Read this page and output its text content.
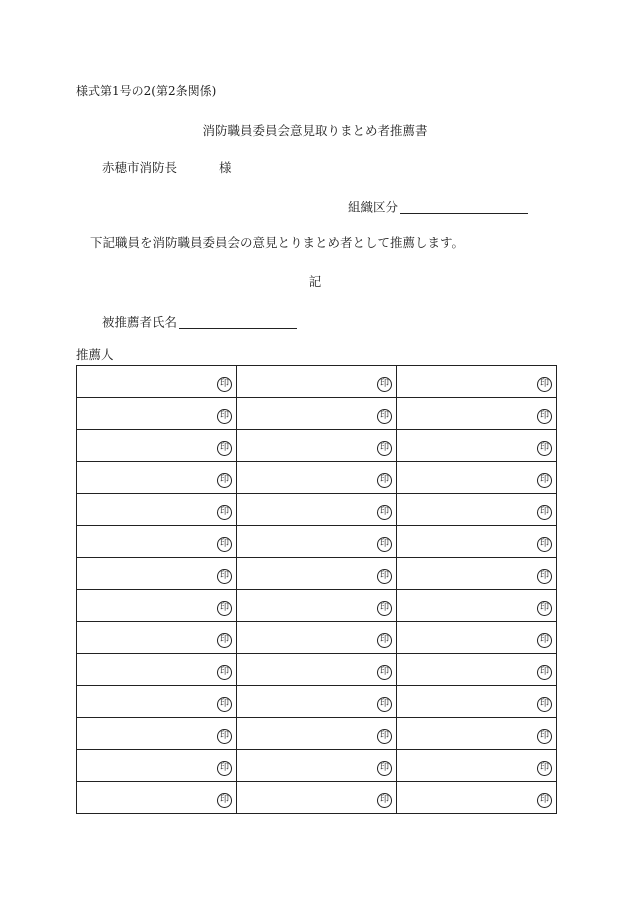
様式第1号の2(第2条関係)
消防職員委員会意見取りまとめ者推薦書
赤穂市消防長	様
組織区分
下記職員を消防職員委員会の意見とりまとめ者として推薦します。
記
被推薦者氏名
推薦人
印	印	印
印	印	印
印	印	印
印	印	印
印	印	印
印	印	印
印	印	印
印	印	印
印	印	印
印	印	印
印	印	印
印	印	印
印	印	印
印	印	印
